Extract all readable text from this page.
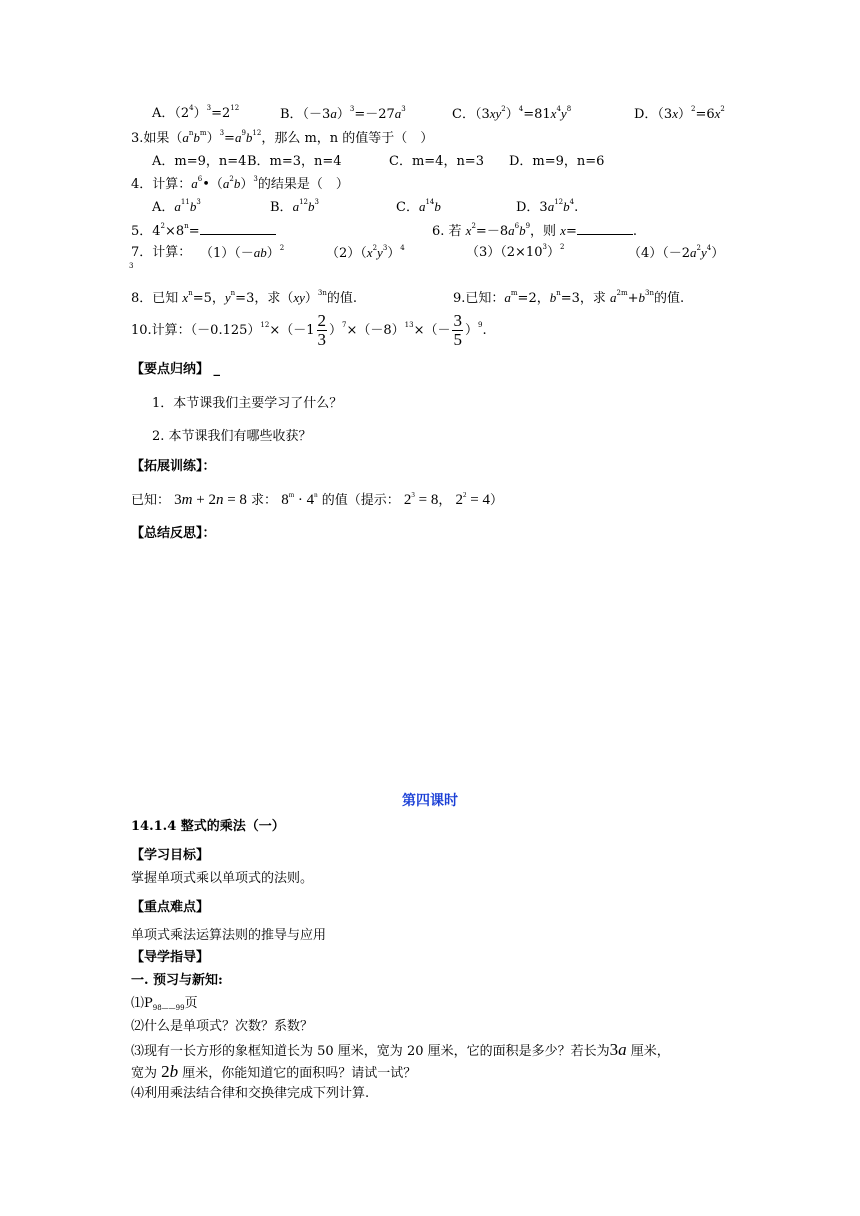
A．$(2^4)^3=2^{12}$	B．$(-3a)^3=-27a^3$	C．$(3xy^2)^4=81x^4y^8$	D．$(3x)^2=6x^2$
3.如果$(a^nb^m)^3=a^9b^{12}$，那么 m，n 的值等于（　）
A．m=9，n=4 B．m=3，n=4	C．m=4，n=3 D．m=9，n=6
4．计算：$a^6•(a^2b)^3$的结果是（　）
A．$a^{11}b^3$	B．$a^{12}b^3$	C．$a^{14}b$	D．$3a^{12}b^4$.
5．$4^2\times 8^n=$	6. 若 $x^2=-8a^6b^9$，则 x=	.
7．计算： $(1)(-ab)^2$	$(2)(x^2y^3)^4$	$(3)(2\times 10^3)^2$	$(4)(-2a^2y^4)$
3
8．已知 $x^n=5$，$y^n=3$，求（xy）$^{3n}$的值.	9.已知：$a^m=2$，$b^n=3$，求 $a^{2m}+b^{3n}$的值.
10.计算：$(-0.125)^{12}\times(-1 \frac{2}{3} )^7\times(-8)^{13}\times(- \frac{3}{5} )^9$.
【要点归纳】 _
1．本节课我们主要学习了什么？
2. 本节课我们有哪些收获？
【拓展训练】：
已知： 3m + 2n = 8 求： $8^m \cdot 4^n$ 的值（提示： $2^3 = 8$， $2^2 = 4$）
【总结反思】：
第四课时
14.1.4 整式的乘法（一）
【学习目标】
掌握单项式乘以单项式的法则。
【重点难点】
单项式乘法运算法则的推导与应用
【导学指导】
一. 预习与新知:
$⑴P_{98——99}$页
⑵什么是单项式？次数？系数？
⑶现有一长方形的象框知道长为 50 厘米，宽为 20 厘米，它的面积是多少？若长为3a 厘米，
宽为 2b 厘米，你能知道它的面积吗？请试一试？
⑷利用乘法结合律和交换律完成下列计算.
